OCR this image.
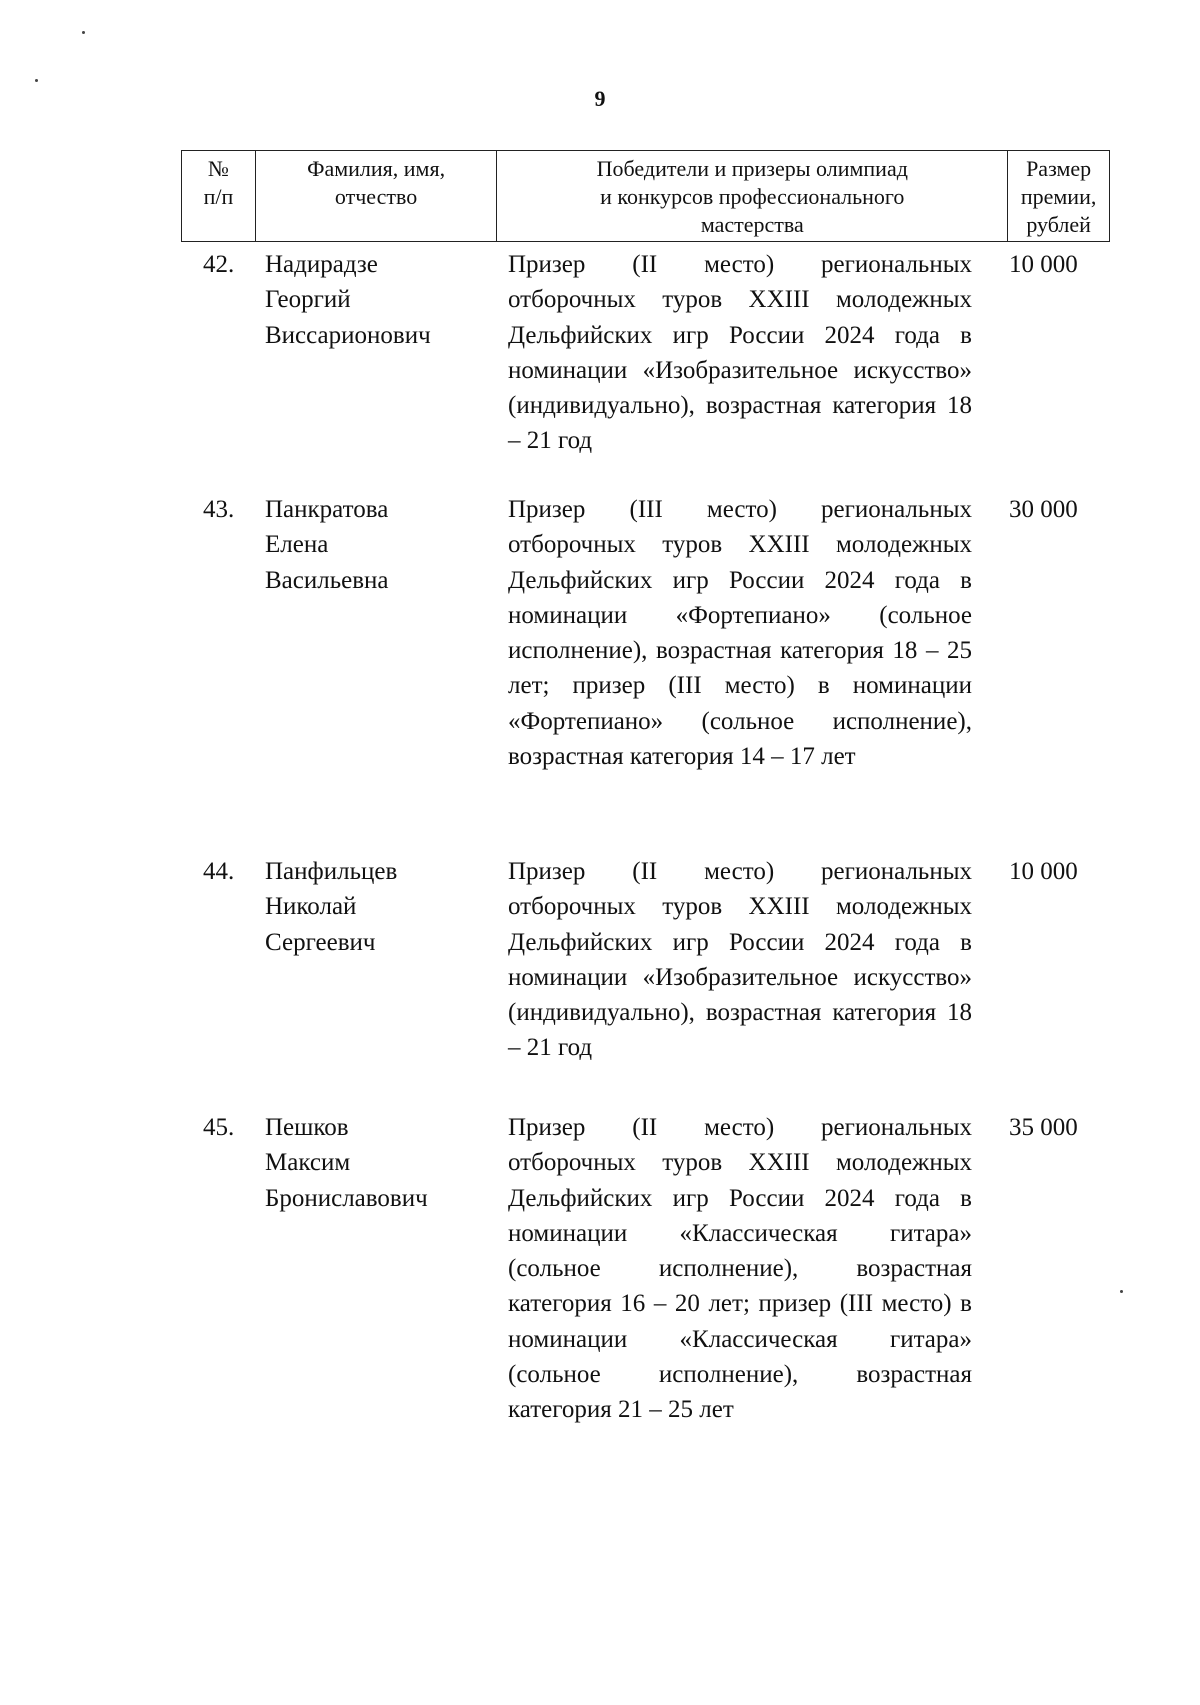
9
№
п/п
Фамилия, имя,
отчество
Победители и призеры олимпиад
и конкурсов профессионального
мастерства
Размер
премии,
рублей
42. Надирадзе
Георгий
Виссарионович
Призер (II место) региональных отборочных туров XXIII молодежных Дельфийских игр России 2024 года в номинации «Изобразительное искусство» (индивидуально), возрастная категория 18 – 21 год
10 000
43. Панкратова
Елена
Васильевна
Призер (III место) региональных отборочных туров XXIII молодежных Дельфийских игр России 2024 года в номинации «Фортепиано» (сольное исполнение), возрастная категория 18 – 25 лет; призер (III место) в номинации «Фортепиано» (сольное исполнение), возрастная категория 14 – 17 лет
30 000
44. Панфильцев
Николай
Сергеевич
Призер (II место) региональных отборочных туров XXIII молодежных Дельфийских игр России 2024 года в номинации «Изобразительное искусство» (индивидуально), возрастная категория 18 – 21 год
10 000
45. Пешков
Максим
Брониславович
Призер (II место) региональных отборочных туров XXIII молодежных Дельфийских игр России 2024 года в номинации «Классическая гитара» (сольное исполнение), возрастная категория 16 – 20 лет; призер (III место) в номинации «Классическая гитара» (сольное исполнение), возрастная категория 21 – 25 лет
35 000
